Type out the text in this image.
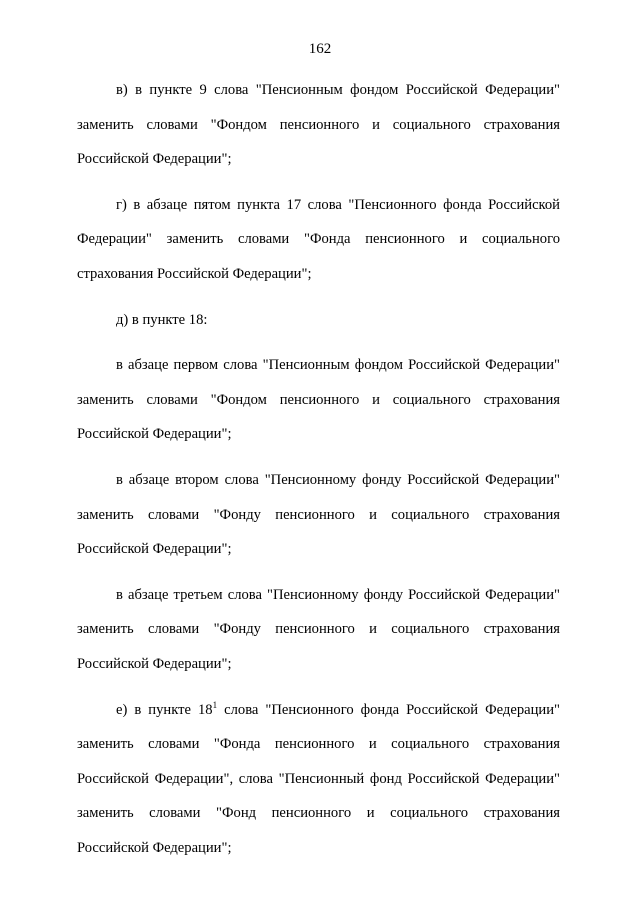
162

в) в пункте 9 слова "Пенсионным фондом Российской Федерации" заменить словами "Фондом пенсионного и социального страхования Российской Федерации";

г) в абзаце пятом пункта 17 слова "Пенсионного фонда Российской Федерации" заменить словами "Фонда пенсионного и социального страхования Российской Федерации";

д) в пункте 18:

в абзаце первом слова "Пенсионным фондом Российской Федерации" заменить словами "Фондом пенсионного и социального страхования Российской Федерации";

в абзаце втором слова "Пенсионному фонду Российской Федерации" заменить словами "Фонду пенсионного и социального страхования Российской Федерации";

в абзаце третьем слова "Пенсионному фонду Российской Федерации" заменить словами "Фонду пенсионного и социального страхования Российской Федерации";

е) в пункте $18^1$ слова "Пенсионного фонда Российской Федерации" заменить словами "Фонда пенсионного и социального страхования Российской Федерации", слова "Пенсионный фонд Российской Федерации" заменить словами "Фонд пенсионного и социального страхования Российской Федерации";
